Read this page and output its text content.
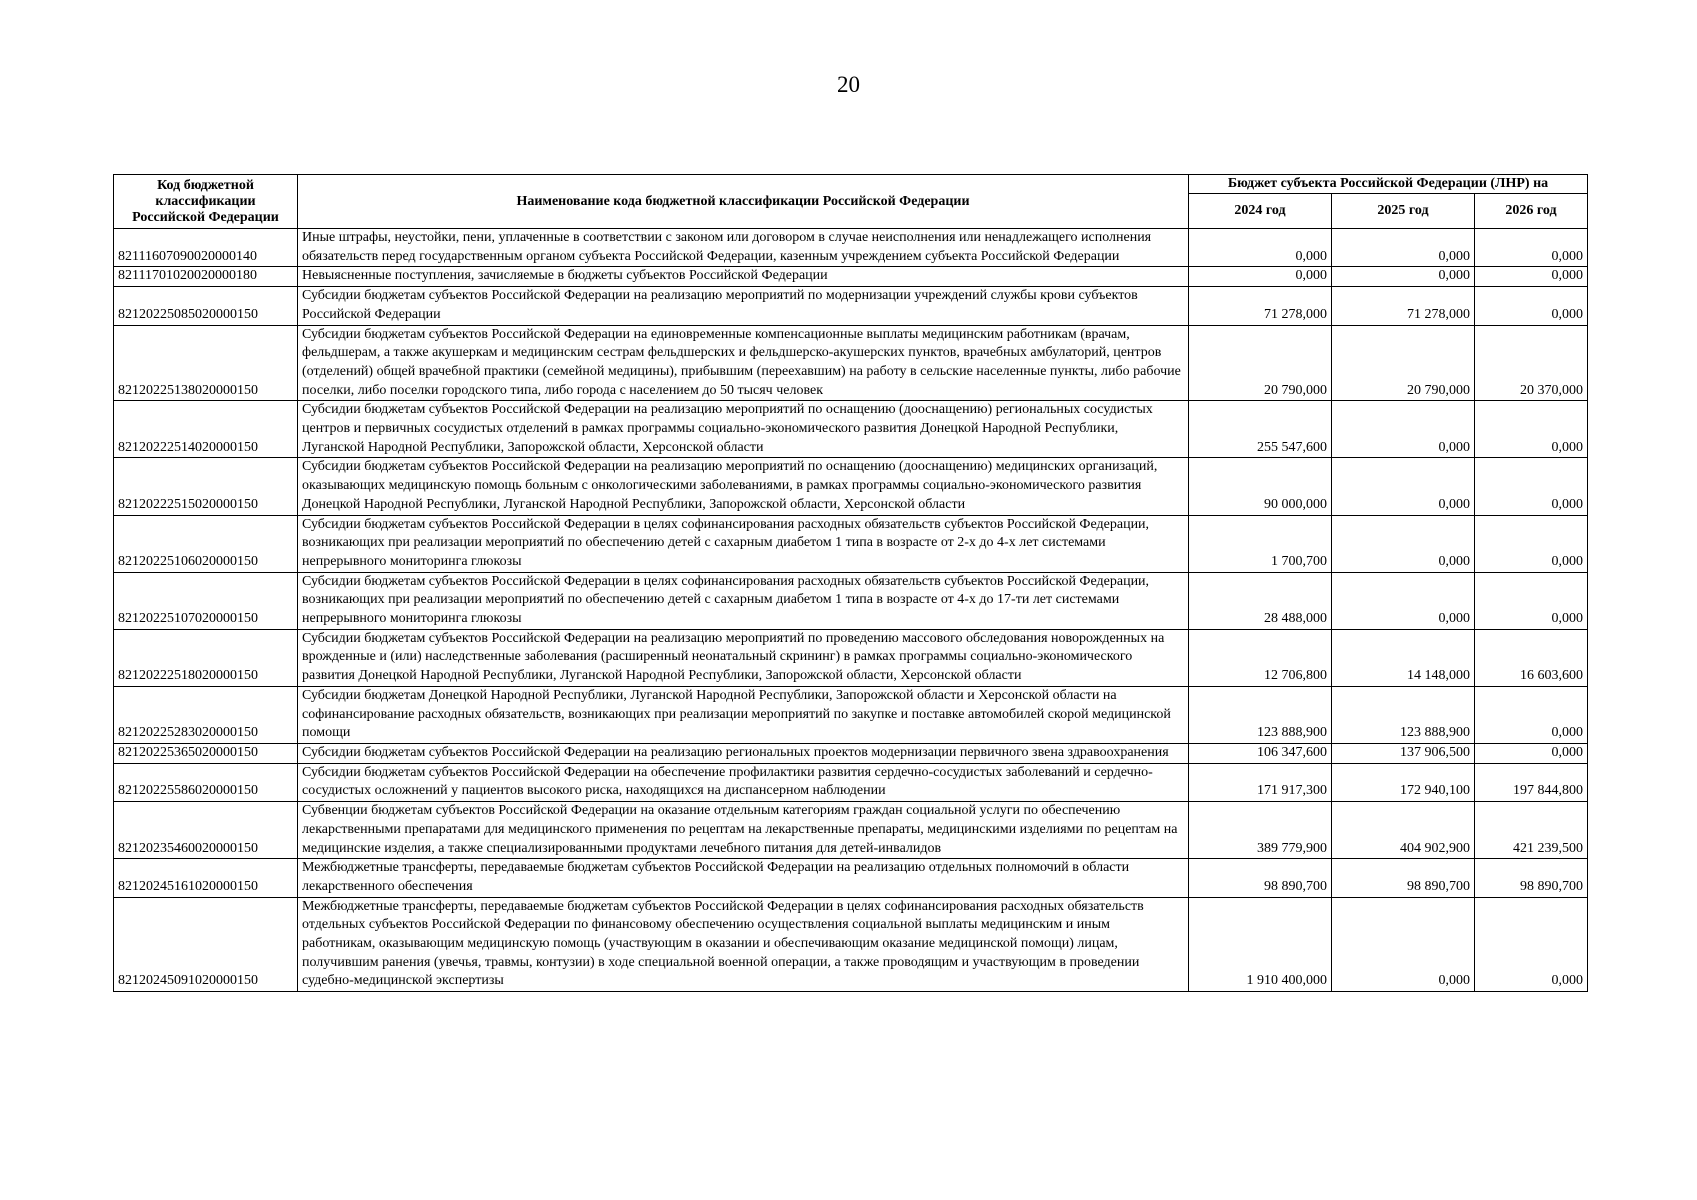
20
Код бюджетной классификации Российской Федерации	Наименование кода бюджетной классификации Российской Федерации	Бюджет субъекта Российской Федерации (ЛНР) на		
		2024 год	2025 год	2026 год
82111607090020000140	Иные штрафы, неустойки, пени, уплаченные в соответствии с законом или договором в случае неисполнения или ненадлежащего исполнения обязательств перед государственным органом субъекта Российской Федерации, казенным учреждением субъекта Российской Федерации	0,000	0,000	0,000
82111701020020000180	Невыясненные поступления, зачисляемые в бюджеты субъектов Российской Федерации	0,000	0,000	0,000
82120225085020000150	Субсидии бюджетам субъектов Российской Федерации на реализацию мероприятий по модернизации учреждений службы крови субъектов Российской Федерации	71 278,000	71 278,000	0,000
82120225138020000150	Субсидии бюджетам субъектов Российской Федерации на единовременные компенсационные выплаты медицинским работникам (врачам, фельдшерам, а также акушеркам и медицинским сестрам фельдшерских и фельдшерско-акушерских пунктов, врачебных амбулаторий, центров (отделений) общей врачебной практики (семейной медицины), прибывшим (переехавшим) на работу в сельские населенные пункты, либо рабочие поселки, либо поселки городского типа, либо города с населением до 50 тысяч человек	20 790,000	20 790,000	20 370,000
82120222514020000150	Субсидии бюджетам субъектов Российской Федерации на реализацию мероприятий по оснащению (дооснащению) региональных сосудистых центров и первичных сосудистых отделений в рамках программы социально-экономического развития Донецкой Народной Республики, Луганской Народной Республики, Запорожской области, Херсонской области	255 547,600	0,000	0,000
82120222515020000150	Субсидии бюджетам субъектов Российской Федерации на реализацию мероприятий по оснащению (дооснащению) медицинских организаций, оказывающих медицинскую помощь больным с онкологическими заболеваниями, в рамках программы социально-экономического развития Донецкой Народной Республики, Луганской Народной Республики, Запорожской области, Херсонской области	90 000,000	0,000	0,000
82120225106020000150	Субсидии бюджетам субъектов Российской Федерации в целях софинансирования расходных обязательств субъектов Российской Федерации, возникающих при реализации мероприятий по обеспечению детей с сахарным диабетом 1 типа в возрасте от 2-х до 4-х лет системами непрерывного мониторинга глюкозы	1 700,700	0,000	0,000
82120225107020000150	Субсидии бюджетам субъектов Российской Федерации в целях софинансирования расходных обязательств субъектов Российской Федерации, возникающих при реализации мероприятий по обеспечению детей с сахарным диабетом 1 типа в возрасте от 4-х до 17-ти лет системами непрерывного мониторинга глюкозы	28 488,000	0,000	0,000
82120222518020000150	Субсидии бюджетам субъектов Российской Федерации на реализацию мероприятий по проведению массового обследования новорожденных на врожденные и (или) наследственные заболевания (расширенный неонатальный скрининг) в рамках программы социально-экономического развития Донецкой Народной Республики, Луганской Народной Республики, Запорожской области, Херсонской области	12 706,800	14 148,000	16 603,600
82120225283020000150	Субсидии бюджетам Донецкой Народной Республики, Луганской Народной Республики, Запорожской области и Херсонской области на софинансирование расходных обязательств, возникающих при реализации мероприятий по закупке и поставке автомобилей скорой медицинской помощи	123 888,900	123 888,900	0,000
82120225365020000150	Субсидии бюджетам субъектов Российской Федерации на реализацию региональных проектов модернизации первичного звена здравоохранения	106 347,600	137 906,500	0,000
82120225586020000150	Субсидии бюджетам субъектов Российской Федерации на обеспечение профилактики развития сердечно-сосудистых заболеваний и сердечно-сосудистых осложнений у пациентов высокого риска, находящихся на диспансерном наблюдении	171 917,300	172 940,100	197 844,800
82120235460020000150	Субвенции бюджетам субъектов Российской Федерации на оказание отдельным категориям граждан социальной услуги по обеспечению лекарственными препаратами для медицинского применения по рецептам на лекарственные препараты, медицинскими изделиями по рецептам на медицинские изделия, а также специализированными продуктами лечебного питания для детей-инвалидов	389 779,900	404 902,900	421 239,500
82120245161020000150	Межбюджетные трансферты, передаваемые бюджетам субъектов Российской Федерации на реализацию отдельных полномочий в области лекарственного обеспечения	98 890,700	98 890,700	98 890,700
82120245091020000150	Межбюджетные трансферты, передаваемые бюджетам субъектов Российской Федерации в целях софинансирования расходных обязательств отдельных субъектов Российской Федерации по финансовому обеспечению осуществления социальной выплаты медицинским и иным работникам, оказывающим медицинскую помощь (участвующим в оказании и обеспечивающим оказание медицинской помощи) лицам, получившим ранения (увечья, травмы, контузии) в ходе специальной военной операции, а также проводящим и участвующим в проведении судебно-медицинской экспертизы	1 910 400,000	0,000	0,000
